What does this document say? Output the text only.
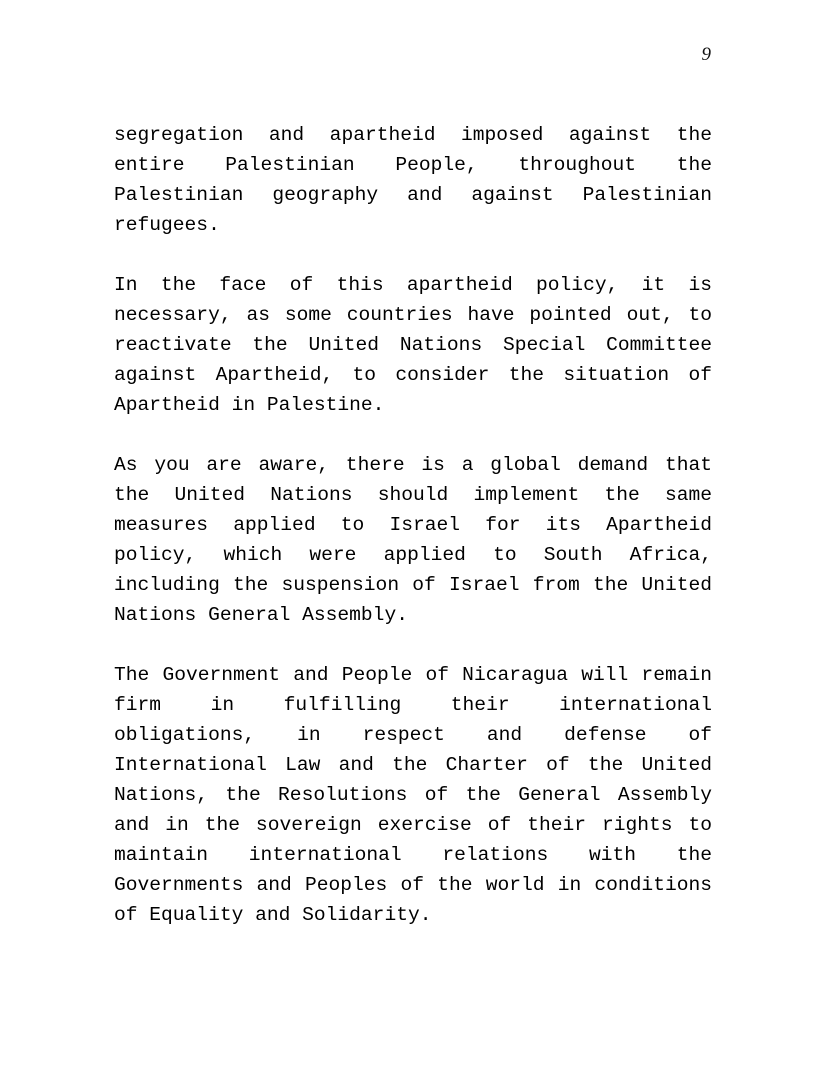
9

segregation and apartheid imposed against the entire Palestinian People, throughout the Palestinian geography and against Palestinian refugees.

In the face of this apartheid policy, it is necessary, as some countries have pointed out, to reactivate the United Nations Special Committee against Apartheid, to consider the situation of Apartheid in Palestine.

As you are aware, there is a global demand that the United Nations should implement the same measures applied to Israel for its Apartheid policy, which were applied to South Africa, including the suspension of Israel from the United Nations General Assembly.

The Government and People of Nicaragua will remain firm in fulfilling their international obligations, in respect and defense of International Law and the Charter of the United Nations, the Resolutions of the General Assembly and in the sovereign exercise of their rights to maintain international relations with the Governments and Peoples of the world in conditions of Equality and Solidarity.
